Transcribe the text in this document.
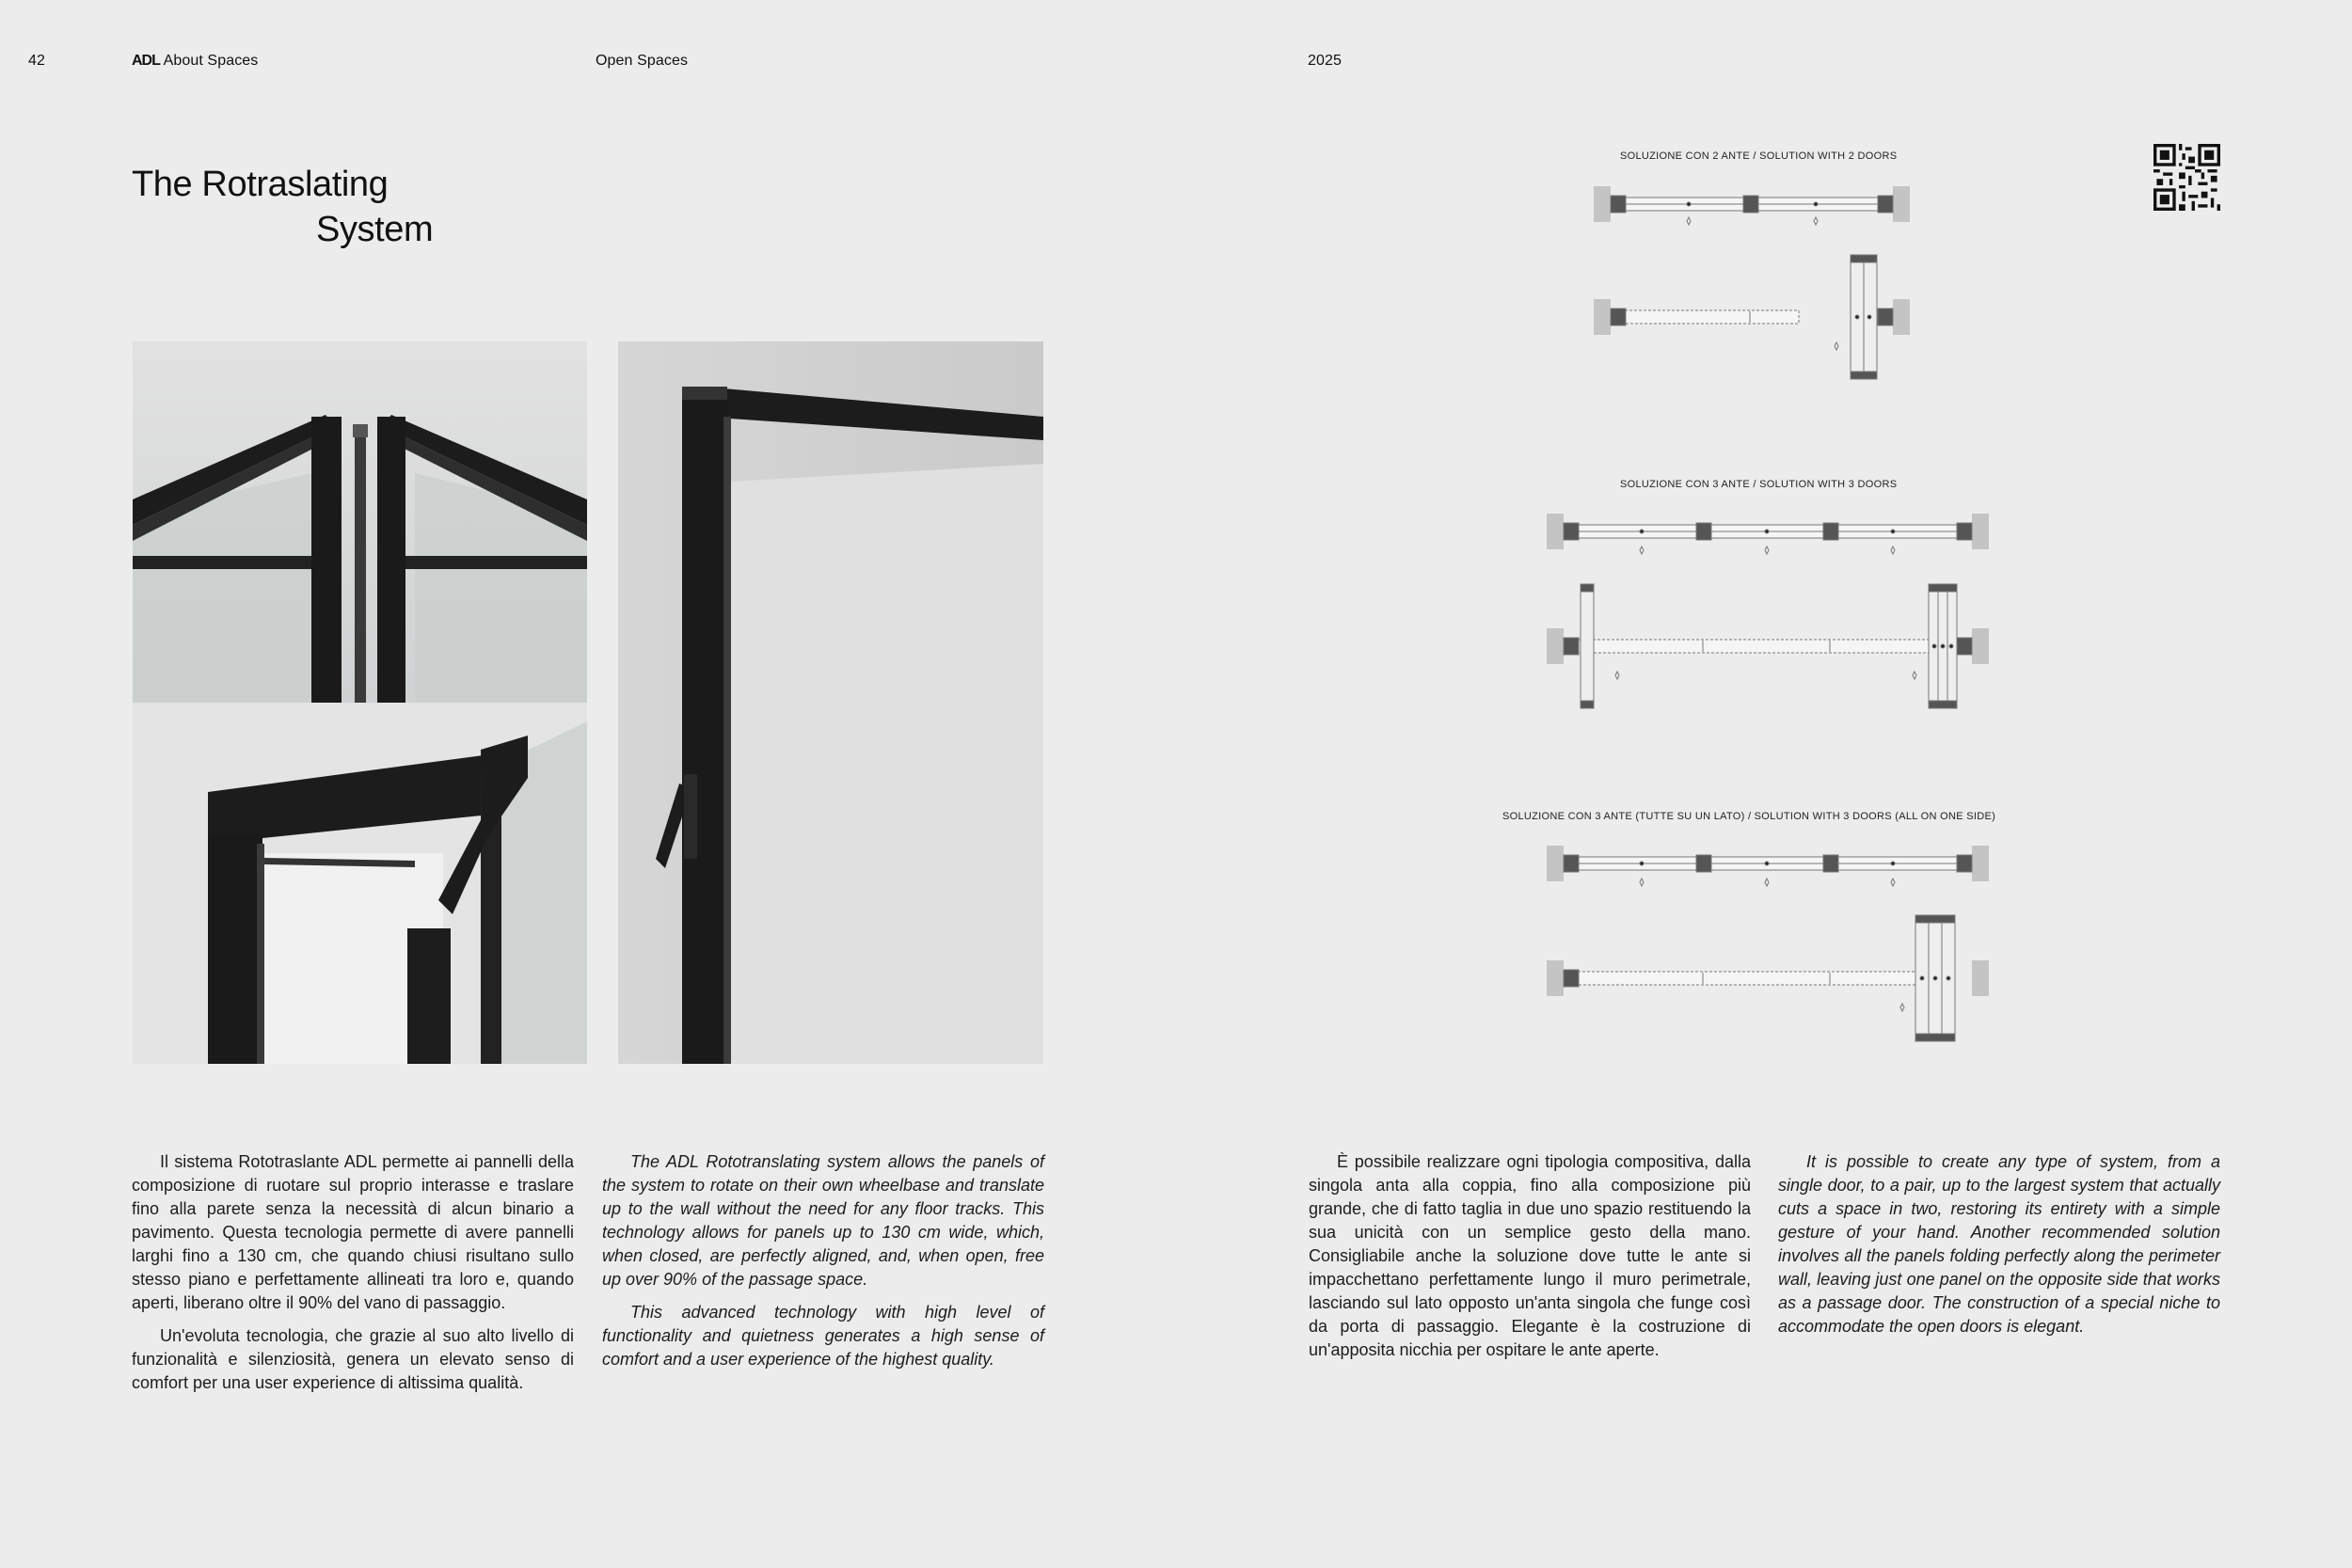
42	ADL About Spaces	Open Spaces	2025
The Rotraslating
System

Il sistema Rototraslante ADL permette ai pannelli della composizione di ruotare sul proprio interasse e traslare fino alla parete senza la necessità di alcun binario a pavimento. Questa tecnologia permette di avere pannelli larghi fino a 130 cm, che quando chiusi risultano sullo stesso piano e perfettamente allineati tra loro e, quando aperti, liberano oltre il 90% del vano di passaggio.

Un'evoluta tecnologia, che grazie al suo alto livello di funzionalità e silenziosità, genera un elevato senso di comfort per una user experience di altissima qualità.

The ADL Rototranslating system allows the panels of the system to rotate on their own wheelbase and translate up to the wall without the need for any floor tracks. This technology allows for panels up to 130 cm wide, which, when closed, are perfectly aligned, and, when open, free up over 90% of the passage space.

This advanced technology with high level of functionality and quietness generates a high sense of comfort and a user experience of the highest quality.

È possibile realizzare ogni tipologia compositiva, dalla singola anta alla coppia, fino alla composizione più grande, che di fatto taglia in due uno spazio restituendo la sua unicità con un semplice gesto della mano. Consigliabile anche la soluzione dove tutte le ante si impacchettano perfettamente lungo il muro perimetrale, lasciando sul lato opposto un'anta singola che funge così da porta di passaggio. Elegante è la costruzione di un'apposita nicchia per ospitare le ante aperte.

It is possible to create any type of system, from a single door, to a pair, up to the largest system that actually cuts a space in two, restoring its entirety with a simple gesture of your hand. Another recommended solution involves all the panels folding perfectly along the perimeter wall, leaving just one panel on the opposite side that works as a passage door. The construction of a special niche to accommodate the open doors is elegant.

SOLUZIONE CON 2 ANTE / SOLUTION WITH 2 DOORS
SOLUZIONE CON 3 ANTE / SOLUTION WITH 3 DOORS
SOLUZIONE CON 3 ANTE (TUTTE SU UN LATO) / SOLUTION WITH 3 DOORS (ALL ON ONE SIDE)
